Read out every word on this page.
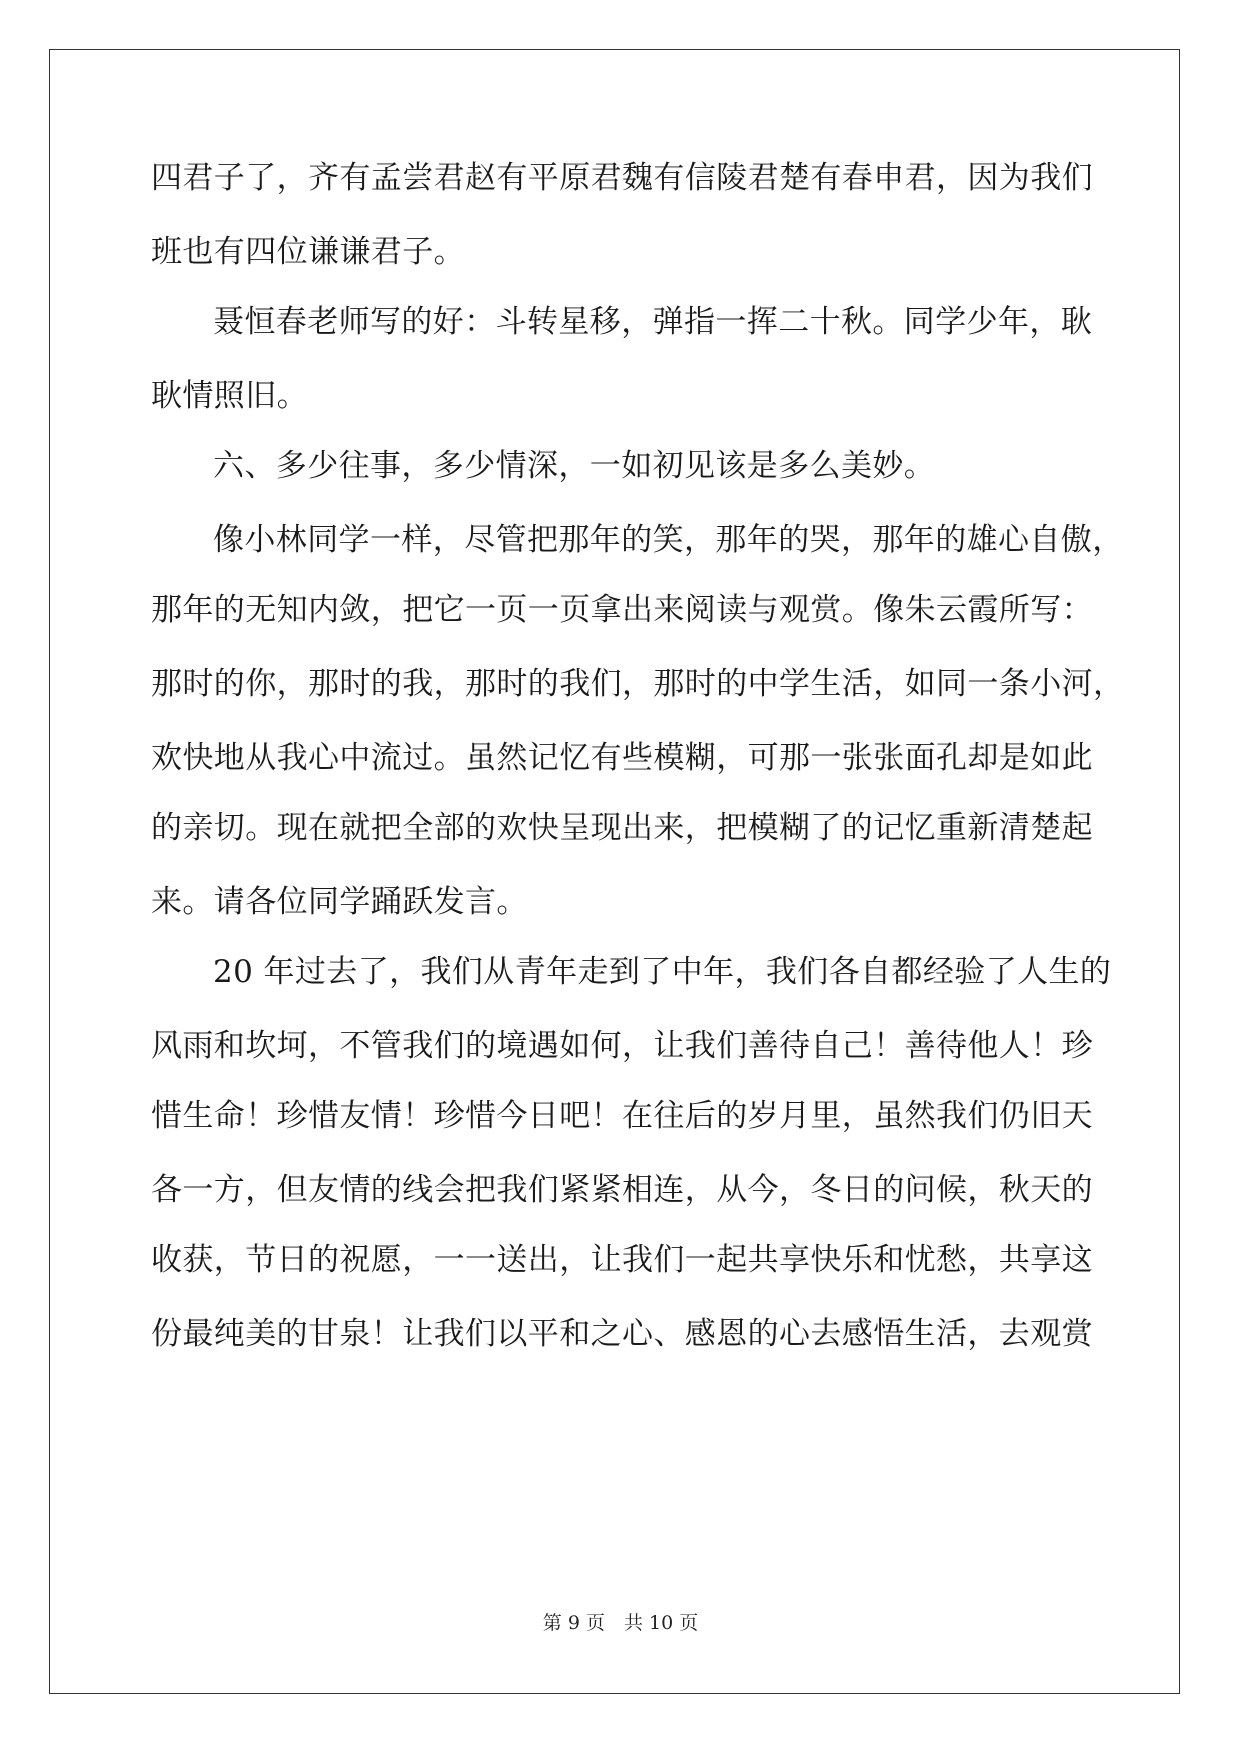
四君子了，齐有孟尝君赵有平原君魏有信陵君楚有春申君，因为我们
班也有四位谦谦君子。
聂恒春老师写的好：斗转星移，弹指一挥二十秋。同学少年，耿
耿情照旧。
六、多少往事，多少情深，一如初见该是多么美妙。
像小林同学一样，尽管把那年的笑，那年的哭，那年的雄心自傲，
那年的无知内敛，把它一页一页拿出来阅读与观赏。像朱云霞所写：
那时的你，那时的我，那时的我们，那时的中学生活，如同一条小河，
欢快地从我心中流过。虽然记忆有些模糊，可那一张张面孔却是如此
的亲切。现在就把全部的欢快呈现出来，把模糊了的记忆重新清楚起
来。请各位同学踊跃发言。
20 年过去了，我们从青年走到了中年，我们各自都经验了人生的
风雨和坎坷，不管我们的境遇如何，让我们善待自己！善待他人！珍
惜生命！珍惜友情！珍惜今日吧！在往后的岁月里，虽然我们仍旧天
各一方，但友情的线会把我们紧紧相连，从今，冬日的问候，秋天的
收获，节日的祝愿，一一送出，让我们一起共享快乐和忧愁，共享这
份最纯美的甘泉！让我们以平和之心、感恩的心去感悟生活，去观赏
第 9 页　共 10 页
